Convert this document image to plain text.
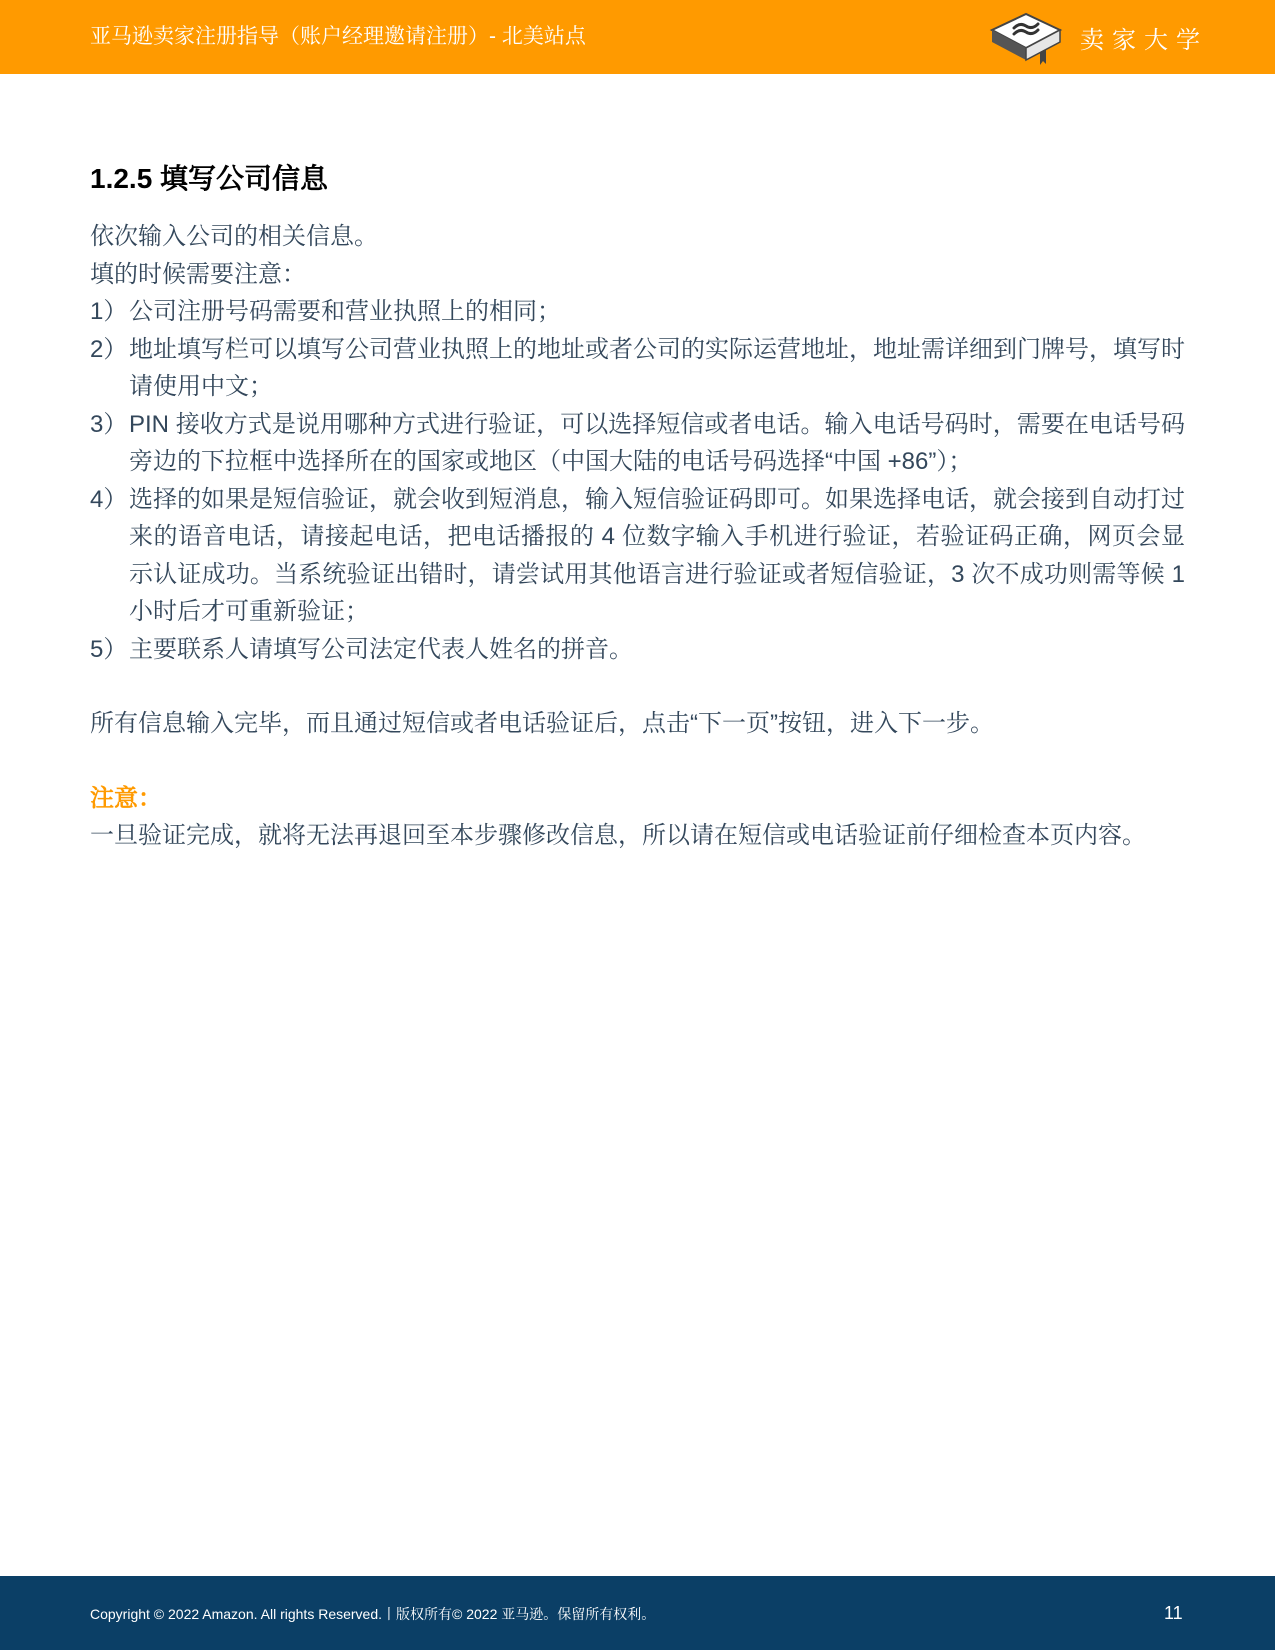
亚马逊卖家注册指导（账户经理邀请注册）- 北美站点	卖家大学
1.2.5 填写公司信息

依次输入公司的相关信息。

填的时候需要注意：

1） 公司注册号码需要和营业执照上的相同；
2） 地址填写栏可以填写公司营业执照上的地址或者公司的实际运营地址，地址需详细到门牌号，填写时请使用中文；
3） PIN 接收方式是说用哪种方式进行验证，可以选择短信或者电话。输入电话号码时，需要在电话号码旁边的下拉框中选择所在的国家或地区（中国大陆的电话号码选择“中国 +86”）；
4） 选择的如果是短信验证，就会收到短消息，输入短信验证码即可。如果选择电话，就会接到自动打过来的语音电话，请接起电话，把电话播报的 4 位数字输入手机进行验证，若验证码正确，网页会显示认证成功。当系统验证出错时，请尝试用其他语言进行验证或者短信验证，3 次不成功则需等候 1 小时后才可重新验证；
5） 主要联系人请填写公司法定代表人姓名的拼音。

所有信息输入完毕，而且通过短信或者电话验证后，点击“下一页”按钮，进入下一步。

注意：

一旦验证完成，就将无法再退回至本步骤修改信息，所以请在短信或电话验证前仔细检查本页内容。

Copyright © 2022 Amazon. All rights Reserved.丨版权所有© 2022 亚马逊。保留所有权利。	11
